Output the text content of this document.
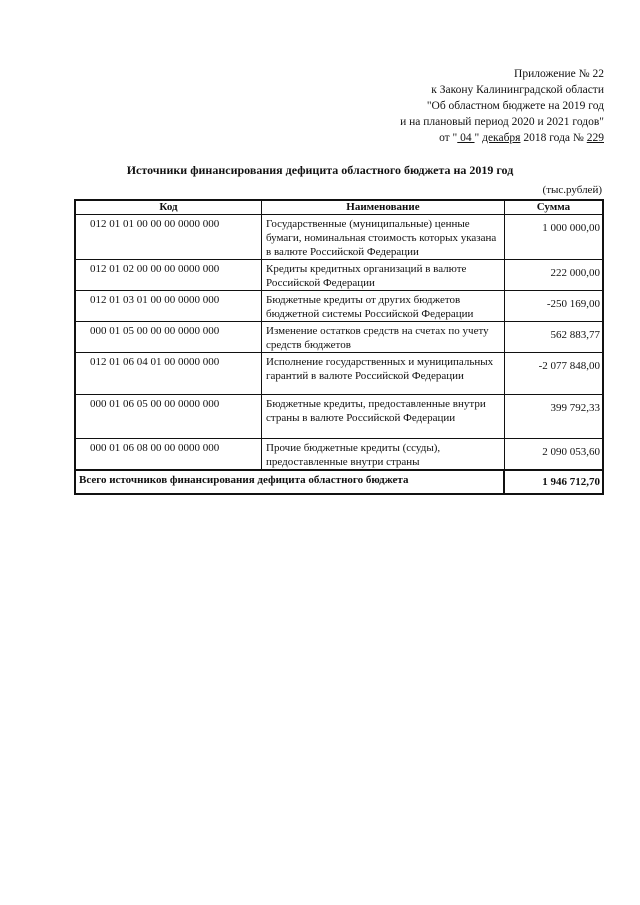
Приложение № 22
к Закону Калининградской области
"Об областном бюджете на 2019 год
и на плановый период 2020 и 2021 годов"
от " 04 " декабря 2018 года № 229
Источники финансирования дефицита областного бюджета на 2019 год
(тыс.рублей)
Код	Наименование	Сумма
012 01 01 00 00 00 0000 000	Государственные (муниципальные) ценные бумаги, номинальная стоимость которых указана в валюте Российской Федерации	1 000 000,00
012 01 02 00 00 00 0000 000	Кредиты кредитных организаций в валюте Российской Федерации	222 000,00
012 01 03 01 00 00 0000 000	Бюджетные кредиты от других бюджетов бюджетной системы Российской Федерации	-250 169,00
000 01 05 00 00 00 0000 000	Изменение остатков средств на счетах по учету средств бюджетов	562 883,77
012 01 06 04 01 00 0000 000	Исполнение государственных и муниципальных гарантий в валюте Российской Федерации	-2 077 848,00
000 01 06 05 00 00 0000 000	Бюджетные кредиты, предоставленные внутри страны в валюте Российской Федерации	399 792,33
000 01 06 08 00 00 0000 000	Прочие бюджетные кредиты (ссуды), предоставленные внутри страны	2 090 053,60
Всего источников финансирования дефицита областного бюджета		1 946 712,70
